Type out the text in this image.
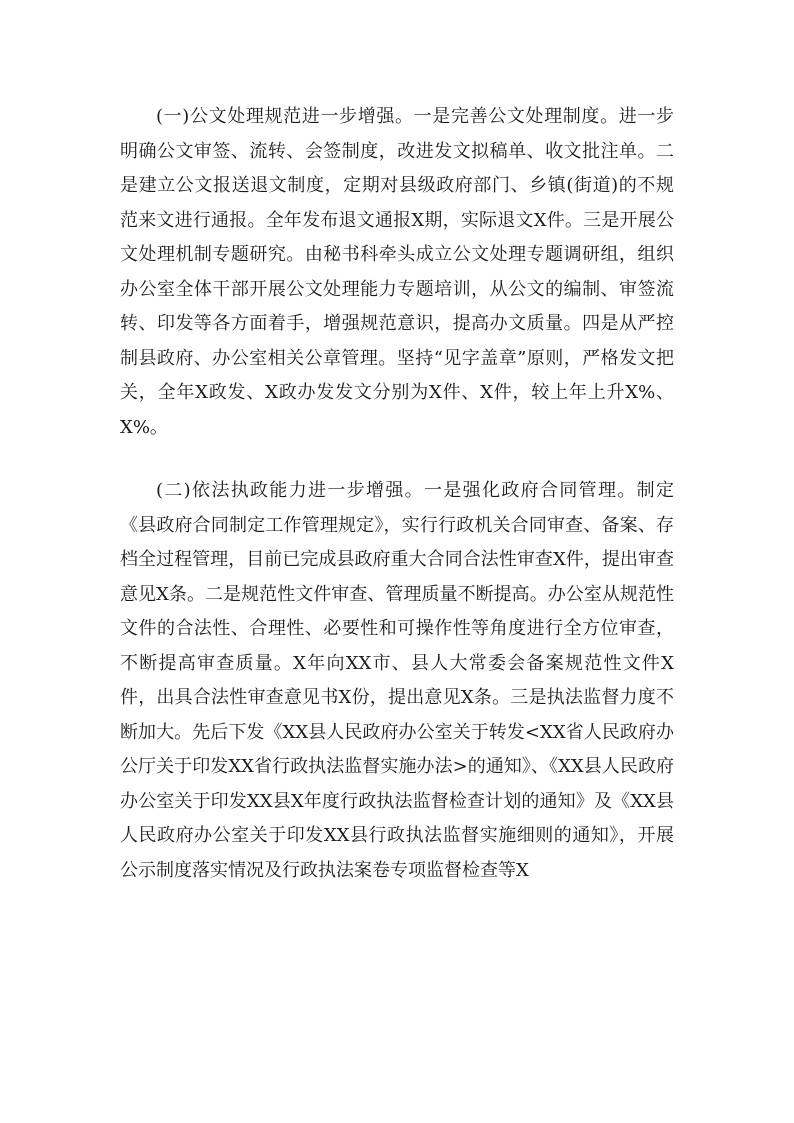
(一)公文处理规范进一步增强。一是完善公文处理制度。进一步明确公文审签、流转、会签制度，改进发文拟稿单、收文批注单。二是建立公文报送退文制度，定期对县级政府部门、乡镇(街道)的不规范来文进行通报。全年发布退文通报X期，实际退文X件。三是开展公文处理机制专题研究。由秘书科牵头成立公文处理专题调研组，组织办公室全体干部开展公文处理能力专题培训，从公文的编制、审签流转、印发等各方面着手，增强规范意识，提高办文质量。四是从严控制县政府、办公室相关公章管理。坚持“见字盖章”原则，严格发文把关，全年X政发、X政办发发文分别为X件、X件，较上年上升X%、X%。

(二)依法执政能力进一步增强。一是强化政府合同管理。制定《县政府合同制定工作管理规定》，实行行政机关合同审查、备案、存档全过程管理，目前已完成县政府重大合同合法性审查X件，提出审查意见X条。二是规范性文件审查、管理质量不断提高。办公室从规范性文件的合法性、合理性、必要性和可操作性等角度进行全方位审查，不断提高审查质量。X年向XX市、县人大常委会备案规范性文件X件，出具合法性审查意见书X份，提出意见X条。三是执法监督力度不断加大。先后下发《XX县人民政府办公室关于转发<XX省人民政府办公厅关于印发XX省行政执法监督实施办法>的通知》、《XX县人民政府办公室关于印发XX县X年度行政执法监督检查计划的通知》及《XX县人民政府办公室关于印发XX县行政执法监督实施细则的通知》，开展公示制度落实情况及行政执法案卷专项监督检查等X
